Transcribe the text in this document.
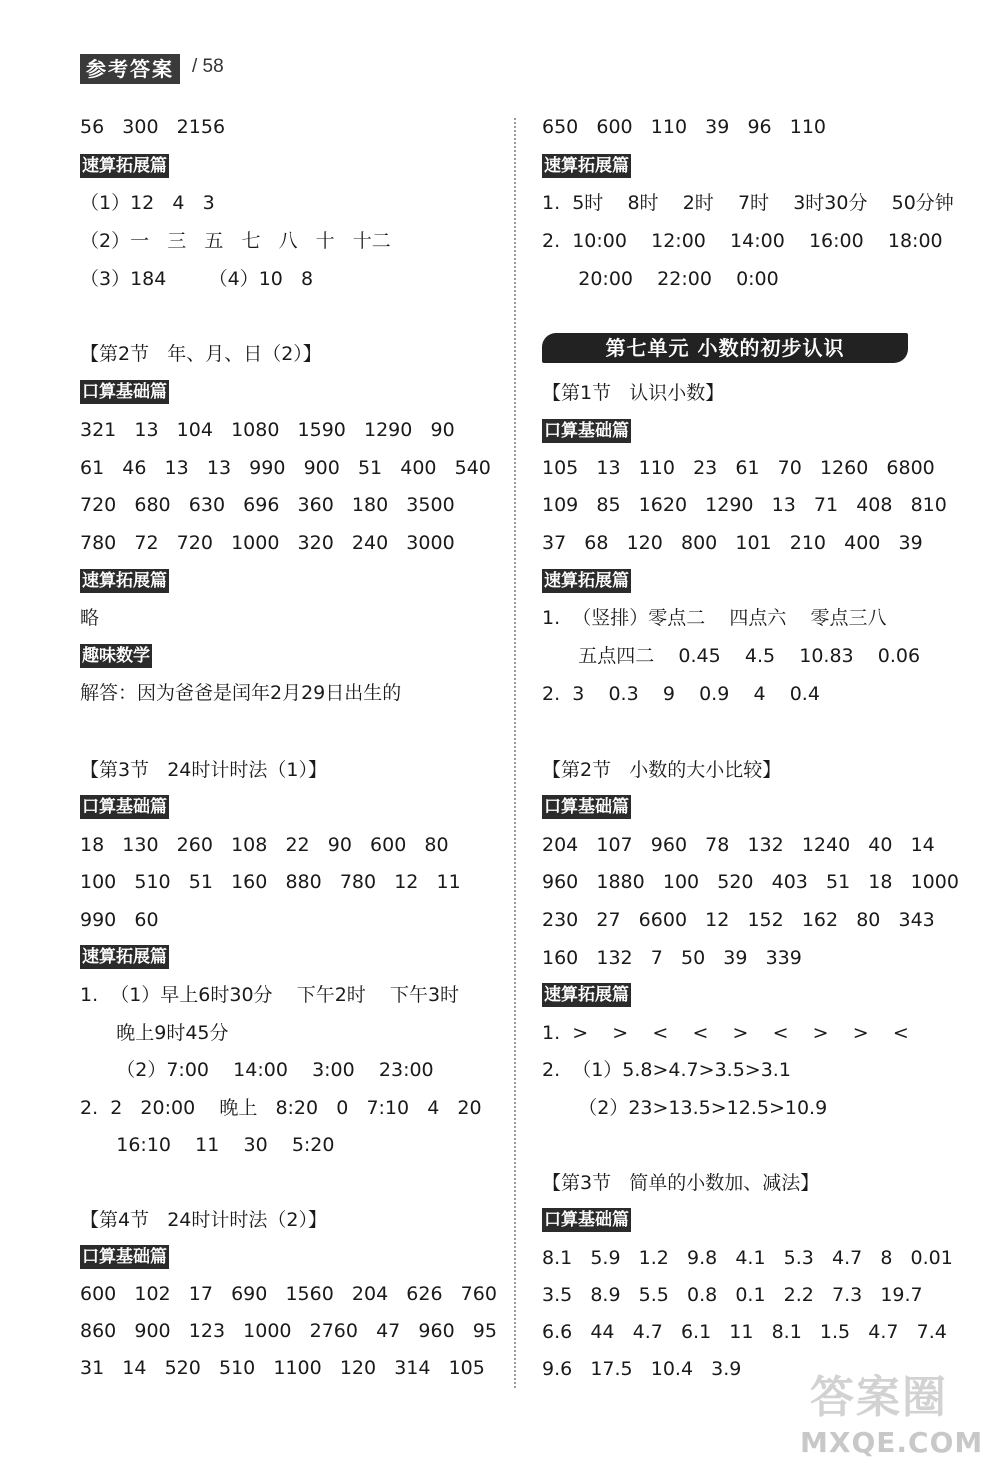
参考答案 / 58
56   300   2156
速算拓展篇
（1）12   4   3
（2）一   三   五   七   八   十   十二
（3）184       （4）10   8
【第2节   年、月、日（2）】
口算基础篇
321   13   104   1080   1590   1290   90
61   46   13   13   990   900   51   400   540
720   680   630   696   360   180   3500
780   72   720   1000   320   240   3000
速算拓展篇
略
趣味数学
解答：因为爸爸是闰年2月29日出生的
【第3节   24时计时法（1）】
口算基础篇
18   130   260   108   22   90   600   80
100   510   51   160   880   780   12   11
990   60
速算拓展篇
1.  （1）早上6时30分    下午2时    下午3时
晚上9时45分
（2）7:00    14:00    3:00    23:00
2.  2   20:00    晚上   8:20   0   7:10   4   20
16:10    11    30    5:20
【第4节   24时计时法（2）】
口算基础篇
600   102   17   690   1560   204   626   760
860   900   123   1000   2760   47   960   95
31   14   520   510   1100   120   314   105
650   600   110   39   96   110
速算拓展篇
1.  5时    8时    2时    7时    3时30分    50分钟
2.  10:00    12:00    14:00    16:00    18:00
20:00    22:00    0:00
【第1节   认识小数】
口算基础篇
105   13   110   23   61   70   1260   6800
109   85   1620   1290   13   71   408   810
37   68   120   800   101   210   400   39
速算拓展篇
1.  （竖排）零点二    四点六    零点三八
五点四二    0.45    4.5    10.83    0.06
2.  3    0.3    9    0.9    4    0.4
【第2节   小数的大小比较】
口算基础篇
204   107   960   78   132   1240   40   14
960   1880   100   520   403   51   18   1000
230   27   6600   12   152   162   80   343
160   132   7   50   39   339
速算拓展篇
1.  >    >    <    <    >    <    >    >    <
2.  （1）5.8>4.7>3.5>3.1
（2）23>13.5>12.5>10.9
【第3节   简单的小数加、减法】
口算基础篇
8.1   5.9   1.2   9.8   4.1   5.3   4.7   8   0.01
3.5   8.9   5.5   0.8   0.1   2.2   7.3   19.7
6.6   44   4.7   6.1   11   8.1   1.5   4.7   7.4
9.6   17.5   10.4   3.9
第七单元 小数的初步认识
答案圈
MXQE.COM
